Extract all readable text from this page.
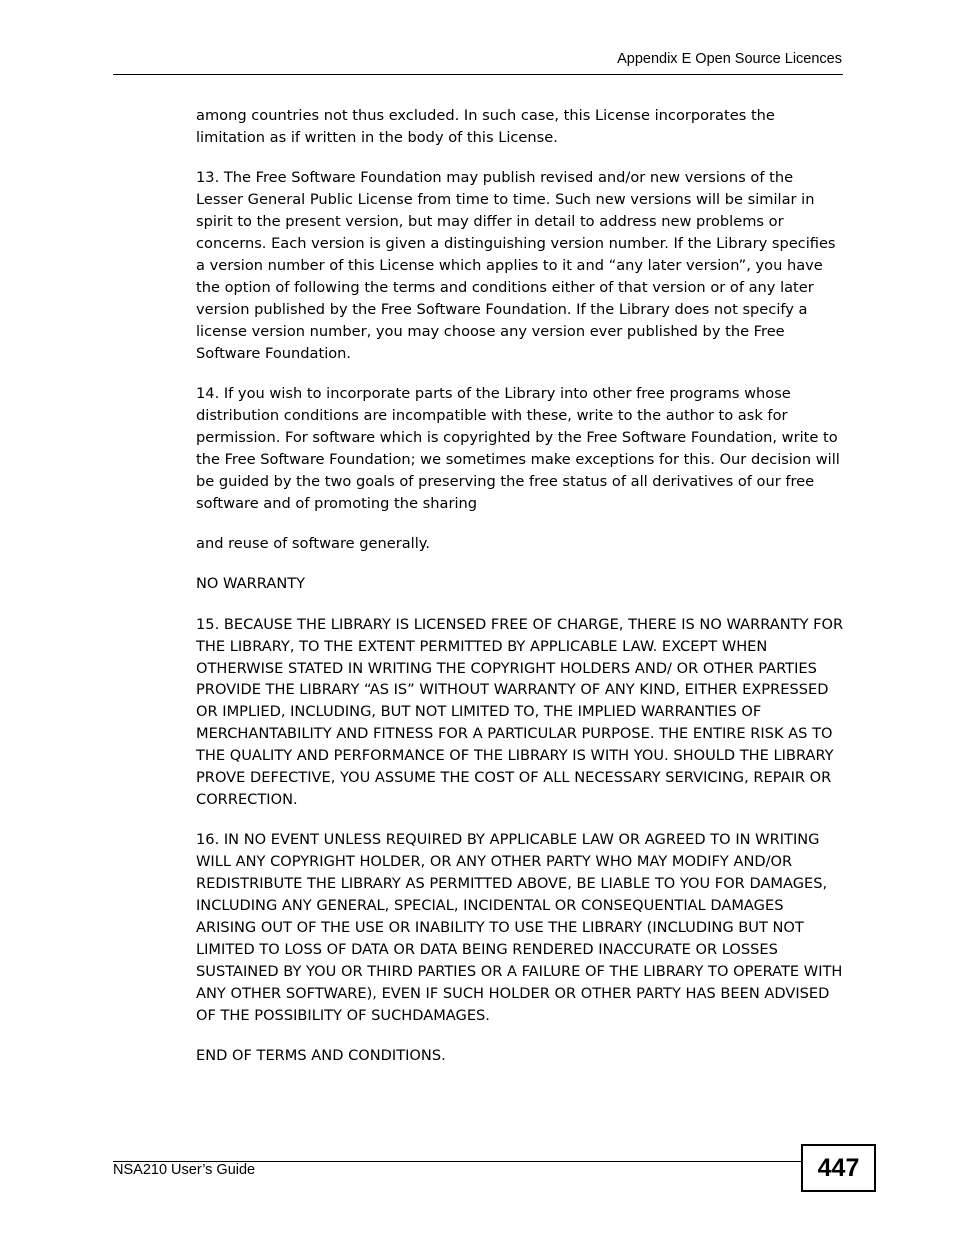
Appendix E Open Source Licences

among countries not thus excluded. In such case, this License incorporates the limitation as if written in the body of this License.

13. The Free Software Foundation may publish revised and/or new versions of the Lesser General Public License from time to time. Such new versions will be similar in spirit to the present version, but may differ in detail to address new problems or concerns. Each version is given a distinguishing version number. If the Library specifies a version number of this License which applies to it and “any later version”, you have the option of following the terms and conditions either of that version or of any later version published by the Free Software Foundation. If the Library does not specify a license version number, you may choose any version ever published by the Free Software Foundation.

14. If you wish to incorporate parts of the Library into other free programs whose distribution conditions are incompatible with these, write to the author to ask for permission. For software which is copyrighted by the Free Software Foundation, write to the Free Software Foundation; we sometimes make exceptions for this. Our decision will be guided by the two goals of preserving the free status of all derivatives of our free software and of promoting the sharing

and reuse of software generally.

NO WARRANTY

15. BECAUSE THE LIBRARY IS LICENSED FREE OF CHARGE, THERE IS NO WARRANTY FOR THE LIBRARY, TO THE EXTENT PERMITTED BY APPLICABLE LAW. EXCEPT WHEN OTHERWISE STATED IN WRITING THE COPYRIGHT HOLDERS AND/ OR OTHER PARTIES PROVIDE THE LIBRARY “AS IS” WITHOUT WARRANTY OF ANY KIND, EITHER EXPRESSED OR IMPLIED, INCLUDING, BUT NOT LIMITED TO, THE IMPLIED WARRANTIES OF MERCHANTABILITY AND FITNESS FOR A PARTICULAR PURPOSE. THE ENTIRE RISK AS TO THE QUALITY AND PERFORMANCE OF THE LIBRARY IS WITH YOU. SHOULD THE LIBRARY PROVE DEFECTIVE, YOU ASSUME THE COST OF ALL NECESSARY SERVICING, REPAIR OR CORRECTION.

16. IN NO EVENT UNLESS REQUIRED BY APPLICABLE LAW OR AGREED TO IN WRITING WILL ANY COPYRIGHT HOLDER, OR ANY OTHER PARTY WHO MAY MODIFY AND/OR REDISTRIBUTE THE LIBRARY AS PERMITTED ABOVE, BE LIABLE TO YOU FOR DAMAGES, INCLUDING ANY GENERAL, SPECIAL, INCIDENTAL OR CONSEQUENTIAL DAMAGES ARISING OUT OF THE USE OR INABILITY TO USE THE LIBRARY (INCLUDING BUT NOT LIMITED TO LOSS OF DATA OR DATA BEING RENDERED INACCURATE OR LOSSES SUSTAINED BY YOU OR THIRD PARTIES OR A FAILURE OF THE LIBRARY TO OPERATE WITH ANY OTHER SOFTWARE), EVEN IF SUCH HOLDER OR OTHER PARTY HAS BEEN ADVISED OF THE POSSIBILITY OF SUCHDAMAGES.

END OF TERMS AND CONDITIONS.

NSA210 User’s Guide	447
